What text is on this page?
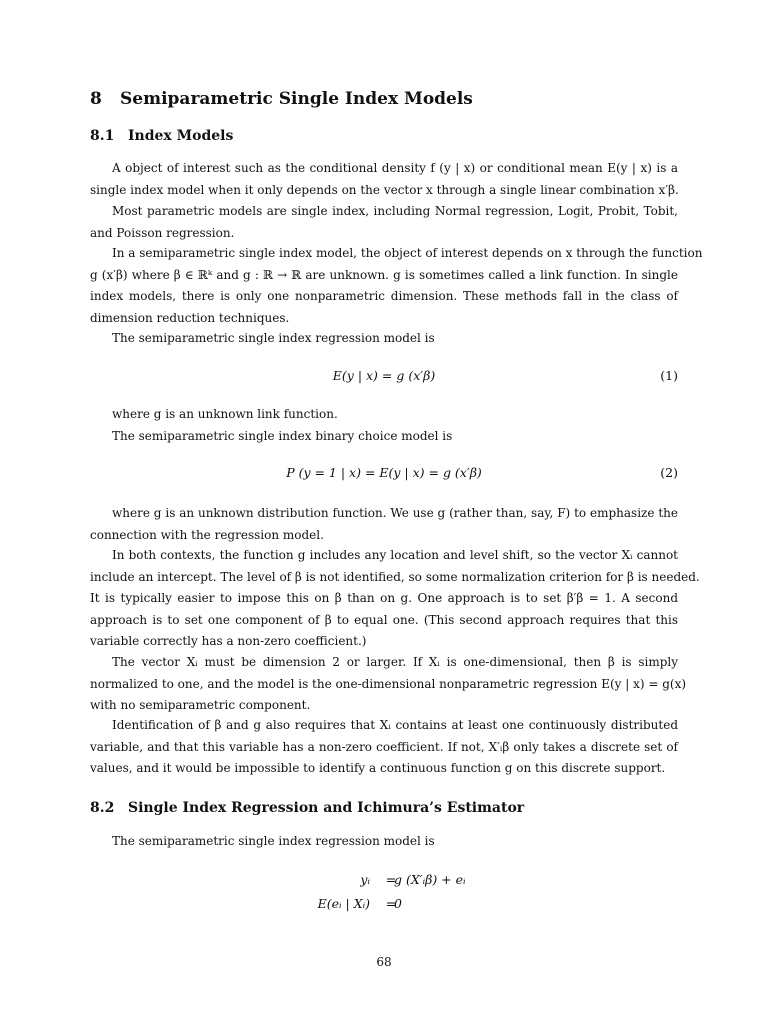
8 Semiparametric Single Index Models
8.1 Index Models
A object of interest such as the conditional density f (y | x) or conditional mean E(y | x) is a
single index model when it only depends on the vector x through a single linear combination x′β.
Most parametric models are single index, including Normal regression, Logit, Probit, Tobit,
and Poisson regression.
In a semiparametric single index model, the object of interest depends on x through the function
g (x′β) where β ∈ ℝᵏ and g : ℝ → ℝ are unknown. g is sometimes called a link function. In single
index models, there is only one nonparametric dimension. These methods fall in the class of
dimension reduction techniques.
The semiparametric single index regression model is
E(y | x) = g (x′β)	(1)
where g is an unknown link function.
The semiparametric single index binary choice model is
P (y = 1 | x) = E(y | x) = g (x′β)	(2)
where g is an unknown distribution function. We use g (rather than, say, F) to emphasize the
connection with the regression model.
In both contexts, the function g includes any location and level shift, so the vector Xᵢ cannot
include an intercept. The level of β is not identified, so some normalization criterion for β is needed.
It is typically easier to impose this on β than on g. One approach is to set β′β = 1. A second
approach is to set one component of β to equal one. (This second approach requires that this
variable correctly has a non-zero coefficient.)
The vector Xᵢ must be dimension 2 or larger. If Xᵢ is one-dimensional, then β is simply
normalized to one, and the model is the one-dimensional nonparametric regression E(y | x) = g(x)
with no semiparametric component.
Identification of β and g also requires that Xᵢ contains at least one continuously distributed
variable, and that this variable has a non-zero coefficient. If not, X′ᵢβ only takes a discrete set of
values, and it would be impossible to identify a continuous function g on this discrete support.
8.2 Single Index Regression and Ichimura’s Estimator
The semiparametric single index regression model is
yᵢ	=
g (X′ᵢβ) + eᵢ
E(eᵢ | Xᵢ)	=
0
68
